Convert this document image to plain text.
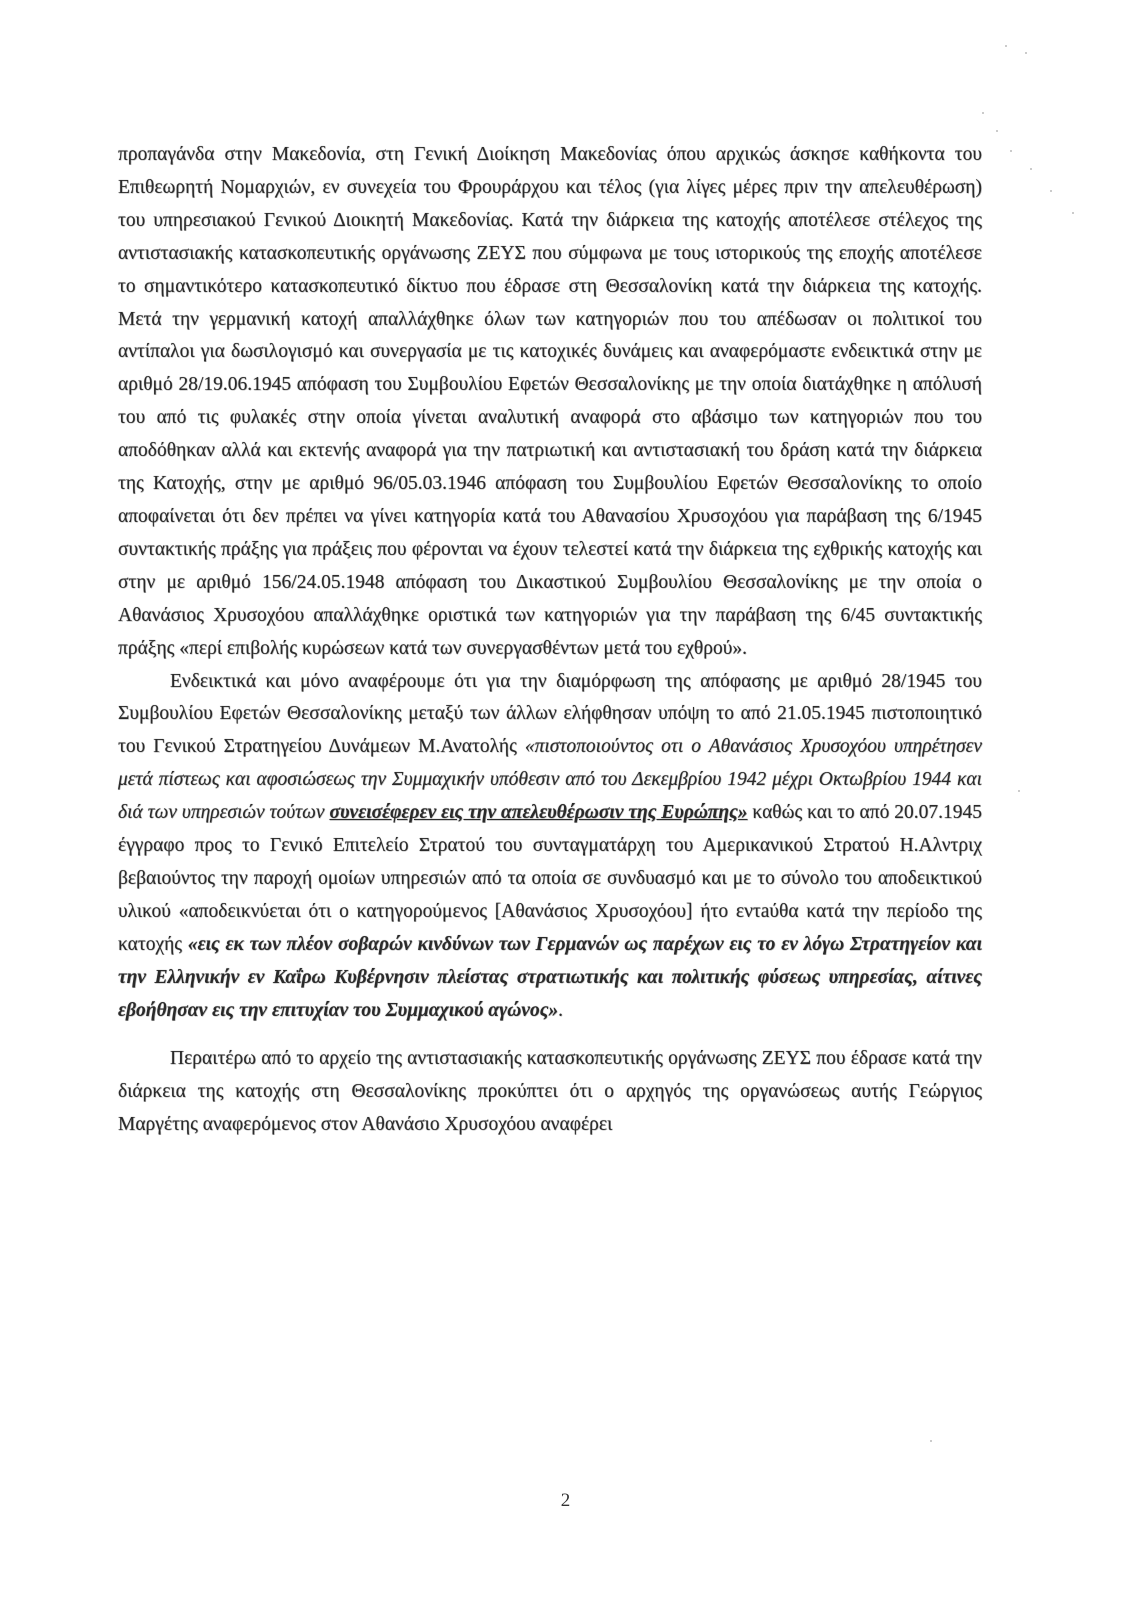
προπαγάνδα στην Μακεδονία, στη Γενική Διοίκηση Μακεδονίας όπου αρχικώς άσκησε καθήκοντα του Επιθεωρητή Νομαρχιών, εν συνεχεία του Φρουράρχου και τέλος (για λίγες μέρες πριν την απελευθέρωση) του υπηρεσιακού Γενικού Διοικητή Μακεδονίας. Κατά την διάρκεια της κατοχής αποτέλεσε στέλεχος της αντιστασιακής κατασκοπευτικής οργάνωσης ΖΕΥΣ που σύμφωνα με τους ιστορικούς της εποχής αποτέλεσε το σημαντικότερο κατασκοπευτικό δίκτυο που έδρασε στη Θεσσαλονίκη κατά την διάρκεια της κατοχής. Μετά την γερμανική κατοχή απαλλάχθηκε όλων των κατηγοριών που του απέδωσαν οι πολιτικοί του αντίπαλοι για δωσιλογισμό και συνεργασία με τις κατοχικές δυνάμεις και αναφερόμαστε ενδεικτικά στην με αριθμό 28/19.06.1945 απόφαση του Συμβουλίου Εφετών Θεσσαλονίκης με την οποία διατάχθηκε η απόλυσή του από τις φυλακές στην οποία γίνεται αναλυτική αναφορά στο αβάσιμο των κατηγοριών που του αποδόθηκαν αλλά και εκτενής αναφορά για την πατριωτική και αντιστασιακή του δράση κατά την διάρκεια της Κατοχής, στην με αριθμό 96/05.03.1946 απόφαση του Συμβουλίου Εφετών Θεσσαλονίκης το οποίο αποφαίνεται ότι δεν πρέπει να γίνει κατηγορία κατά του Αθανασίου Χρυσοχόου για παράβαση της 6/1945 συντακτικής πράξης για πράξεις που φέρονται να έχουν τελεστεί κατά την διάρκεια της εχθρικής κατοχής και στην με αριθμό 156/24.05.1948 απόφαση του Δικαστικού Συμβουλίου Θεσσαλονίκης με την οποία ο Αθανάσιος Χρυσοχόου απαλλάχθηκε οριστικά των κατηγοριών για την παράβαση της 6/45 συντακτικής πράξης «περί επιβολής κυρώσεων κατά των συνεργασθέντων μετά του εχθρού».

Ενδεικτικά και μόνο αναφέρουμε ότι για την διαμόρφωση της απόφασης με αριθμό 28/1945 του Συμβουλίου Εφετών Θεσσαλονίκης μεταξύ των άλλων ελήφθησαν υπόψη το από 21.05.1945 πιστοποιητικό του Γενικού Στρατηγείου Δυνάμεων Μ.Ανατολής «πιστοποιούντος οτι ο Αθανάσιος Χρυσοχόου υπηρέτησεν μετά πίστεως και αφοσιώσεως την Συμμαχικήν υπόθεσιν από του Δεκεμβρίου 1942 μέχρι Οκτωβρίου 1944 και διά των υπηρεσιών τούτων συνεισέφερεν εις την απελευθέρωσιν της Ευρώπης» καθώς και το από 20.07.1945 έγγραφο προς το Γενικό Επιτελείο Στρατού του συνταγματάρχη του Αμερικανικού Στρατού Η.Αλντριχ βεβαιούντος την παροχή ομοίων υπηρεσιών από τα οποία σε συνδυασμό και με το σύνολο του αποδεικτικού υλικού «αποδεικνύεται ότι ο κατηγορούμενος [Αθανάσιος Χρυσοχόου] ήτο εντaύθα κατά την περίοδο της κατοχής «εις εκ των πλέον σοβαρών κινδύνων των Γερμανών ως παρέχων εις το εν λόγω Στρατηγείον και την Ελληνικήν εν Καΐρω Κυβέρνησιν πλείστας στρατιωτικής και πολιτικής φύσεως υπηρεσίας, αίτινες εβοήθησαν εις την επιτυχίαν του Συμμαχικού αγώνος».

Περαιτέρω από το αρχείο της αντιστασιακής κατασκοπευτικής οργάνωσης ΖΕΥΣ που έδρασε κατά την διάρκεια της κατοχής στη Θεσσαλονίκης προκύπτει ότι ο αρχηγός της οργανώσεως αυτής Γεώργιος Μαργέτης αναφερόμενος στον Αθανάσιο Χρυσοχόου αναφέρει

2
